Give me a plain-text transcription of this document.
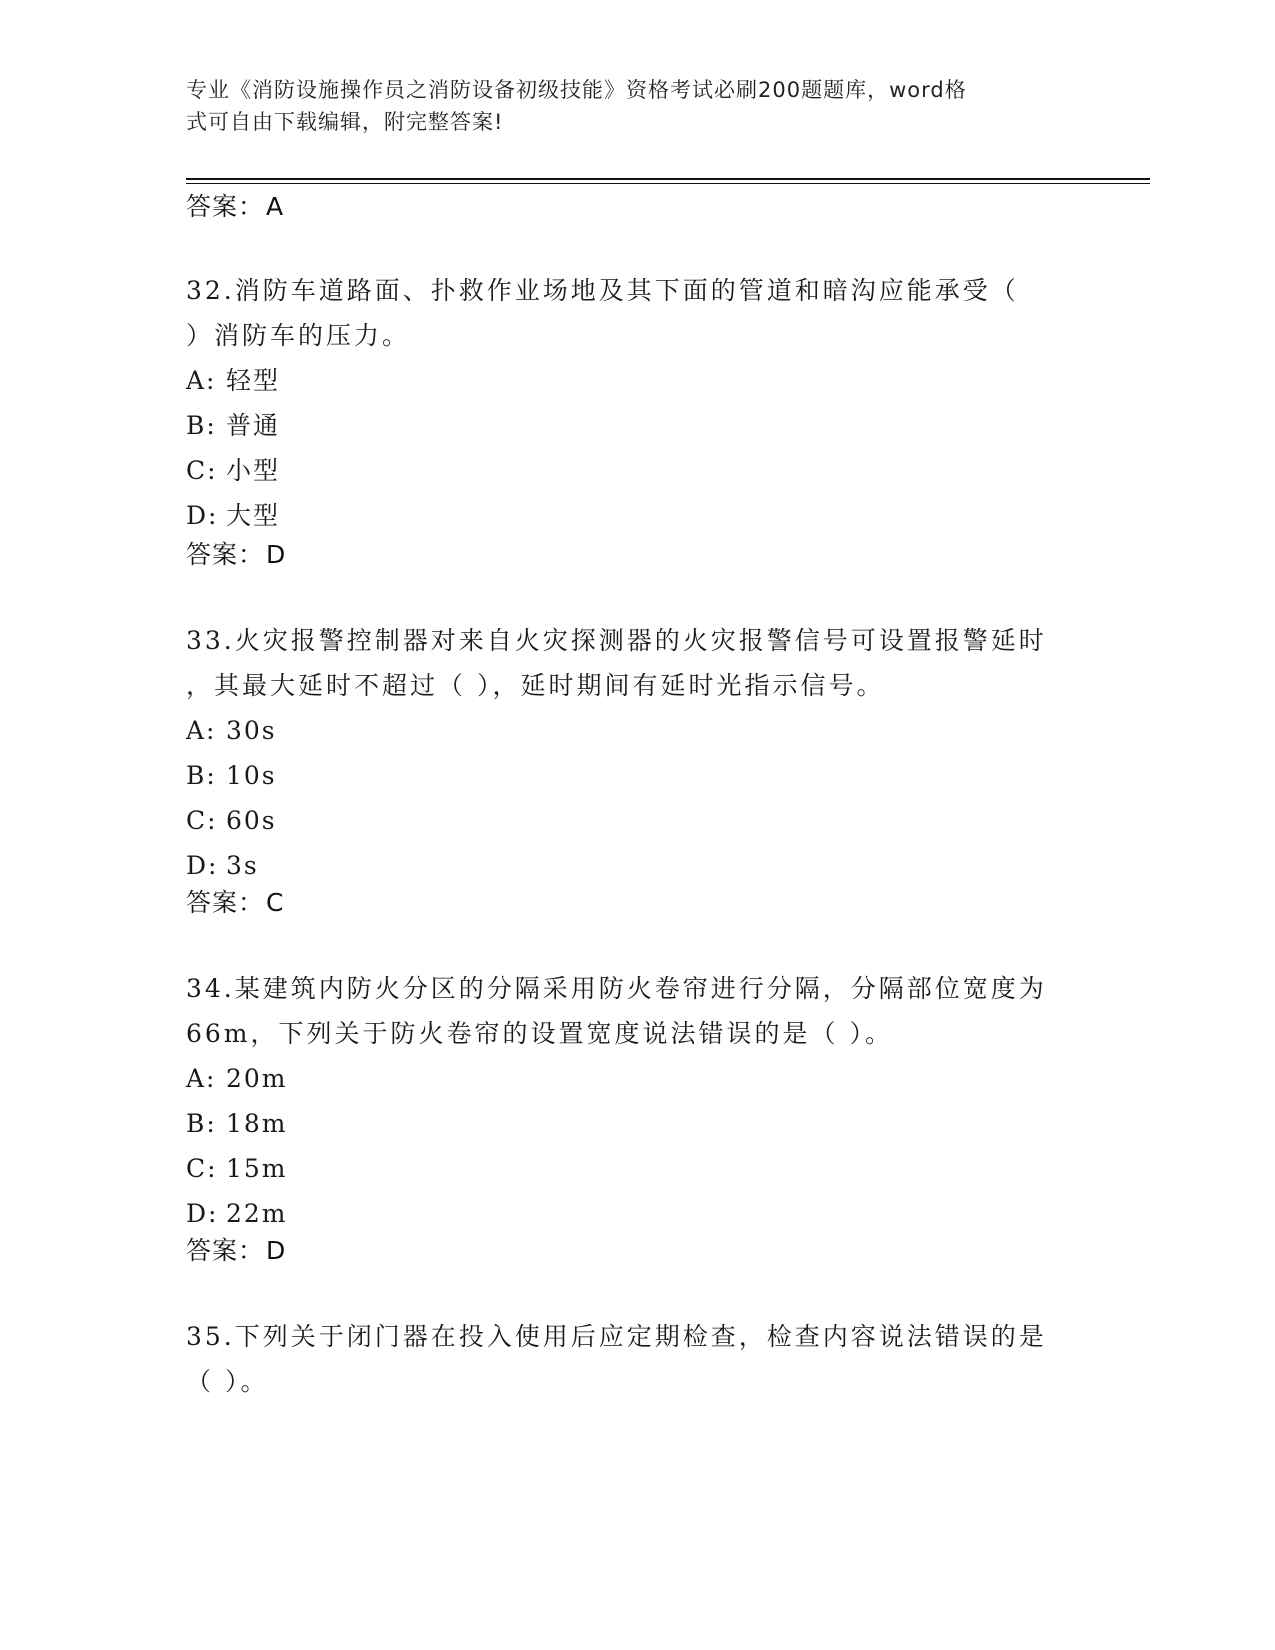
专业《消防设施操作员之消防设备初级技能》资格考试必刷200题题库，word格
式可自由下载编辑，附完整答案!
答案：A
32.消防车道路面、扑救作业场地及其下面的管道和暗沟应能承受（
）消防车的压力。
A: 轻型
B: 普通
C: 小型
D: 大型
答案：D
33.火灾报警控制器对来自火灾探测器的火灾报警信号可设置报警延时
，其最大延时不超过（ ），延时期间有延时光指示信号。
A: 30s
B: 10s
C: 60s
D: 3s
答案：C
34.某建筑内防火分区的分隔采用防火卷帘进行分隔，分隔部位宽度为
66m，下列关于防火卷帘的设置宽度说法错误的是（ ）。
A: 20m
B: 18m
C: 15m
D: 22m
答案：D
35.下列关于闭门器在投入使用后应定期检查，检查内容说法错误的是
（ ）。
